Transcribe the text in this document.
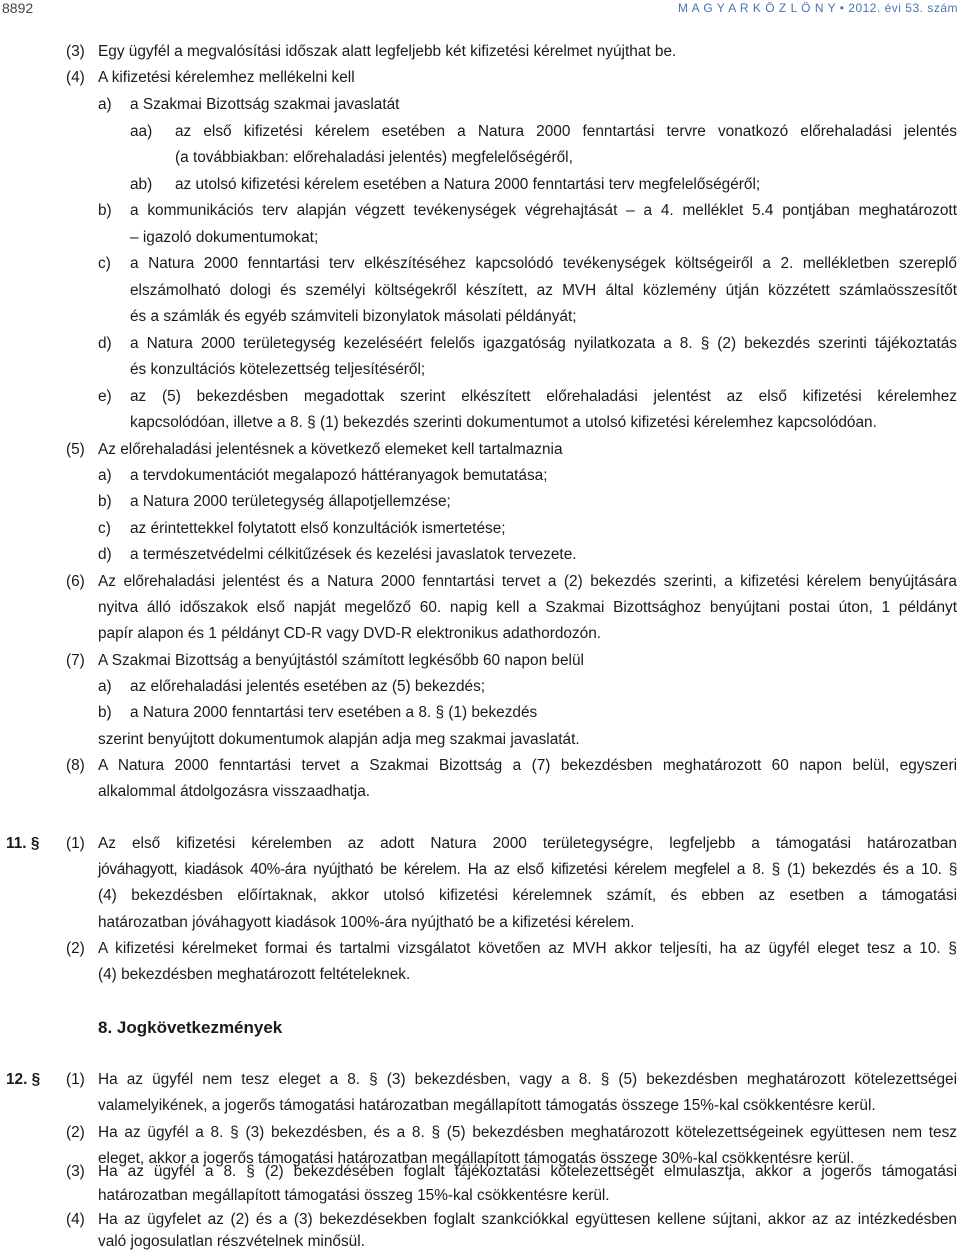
8892	M A G Y A R K Ö Z L Ö N Y • 2012. évi 53. szám
(3) Egy ügyfél a megvalósítási időszak alatt legfeljebb két kifizetési kérelmet nyújthat be.
(4) A kifizetési kérelemhez mellékelni kell
a) a Szakmai Bizottság szakmai javaslatát
aa) az első kifizetési kérelem esetében a Natura 2000 fenntartási tervre vonatkozó előrehaladási jelentés
(a továbbiakban: előrehaladási jelentés) megfelelőségéről,
ab) az utolsó kifizetési kérelem esetében a Natura 2000 fenntartási terv megfelelőségéről;
b) a kommunikációs terv alapján végzett tevékenységek végrehajtását – a 4. melléklet 5.4 pontjában meghatározott
– igazoló dokumentumokat;
c) a Natura 2000 fenntartási terv elkészítéséhez kapcsolódó tevékenységek költségeiről a 2. mellékletben szereplő
elszámolható dologi és személyi költségekről készített, az MVH által közlemény útján közzétett számlaösszesítőt
és a számlák és egyéb számviteli bizonylatok másolati példányát;
d) a Natura 2000 területegység kezeléséért felelős igazgatóság nyilatkozata a 8. § (2) bekezdés szerinti tájékoztatás
és konzultációs kötelezettség teljesítéséről;
e) az (5) bekezdésben megadottak szerint elkészített előrehaladási jelentést az első kifizetési kérelemhez
kapcsolódóan, illetve a 8. § (1) bekezdés szerinti dokumentumot a utolsó kifizetési kérelemhez kapcsolódóan.
(5) Az előrehaladási jelentésnek a következő elemeket kell tartalmaznia
a) a tervdokumentációt megalapozó háttéranyagok bemutatása;
b) a Natura 2000 területegység állapotjellemzése;
c) az érintettekkel folytatott első konzultációk ismertetése;
d) a természetvédelmi célkitűzések és kezelési javaslatok tervezete.
(6) Az előrehaladási jelentést és a Natura 2000 fenntartási tervet a (2) bekezdés szerinti, a kifizetési kérelem benyújtására
nyitva álló időszakok első napját megelőző 60. napig kell a Szakmai Bizottsághoz benyújtani postai úton, 1 példányt
papír alapon és 1 példányt CD-R vagy DVD-R elektronikus adathordozón.
(7) A Szakmai Bizottság a benyújtástól számított legkésőbb 60 napon belül
a) az előrehaladási jelentés esetében az (5) bekezdés;
b) a Natura 2000 fenntartási terv esetében a 8. § (1) bekezdés
szerint benyújtott dokumentumok alapján adja meg szakmai javaslatát.
(8) A Natura 2000 fenntartási tervet a Szakmai Bizottság a (7) bekezdésben meghatározott 60 napon belül, egyszeri
alkalommal átdolgozásra visszaadhatja.
11. § (1) Az első kifizetési kérelemben az adott Natura 2000 területegységre, legfeljebb a támogatási határozatban
jóváhagyott, kiadások 40%-ára nyújtható be kérelem. Ha az első kifizetési kérelem megfelel a 8. § (1) bekezdés és a 10. §
(4) bekezdésben előírtaknak, akkor utolsó kifizetési kérelemnek számít, és ebben az esetben a támogatási
határozatban jóváhagyott kiadások 100%-ára nyújtható be a kifizetési kérelem.
(2) A kifizetési kérelmeket formai és tartalmi vizsgálatot követően az MVH akkor teljesíti, ha az ügyfél eleget tesz a 10. §
(4) bekezdésben meghatározott feltételeknek.
8. Jogkövetkezmények
12. § (1) Ha az ügyfél nem tesz eleget a 8. § (3) bekezdésben, vagy a 8. § (5) bekezdésben meghatározott kötelezettségei
valamelyikének, a jogerős támogatási határozatban megállapított támogatás összege 15%-kal csökkentésre kerül.
(2) Ha az ügyfél a 8. § (3) bekezdésben, és a 8. § (5) bekezdésben meghatározott kötelezettségeinek együttesen nem tesz
eleget, akkor a jogerős támogatási határozatban megállapított támogatás összege 30%-kal csökkentésre kerül.
(3) Ha az ügyfél a 8. § (2) bekezdésében foglalt tájékoztatási kötelezettségét elmulasztja, akkor a jogerős támogatási
határozatban megállapított támogatási összeg 15%-kal csökkentésre kerül.
(4) Ha az ügyfelet az (2) és a (3) bekezdésekben foglalt szankciókkal együttesen kellene sújtani, akkor az az intézkedésben
való jogosulatlan részvételnek minősül.
